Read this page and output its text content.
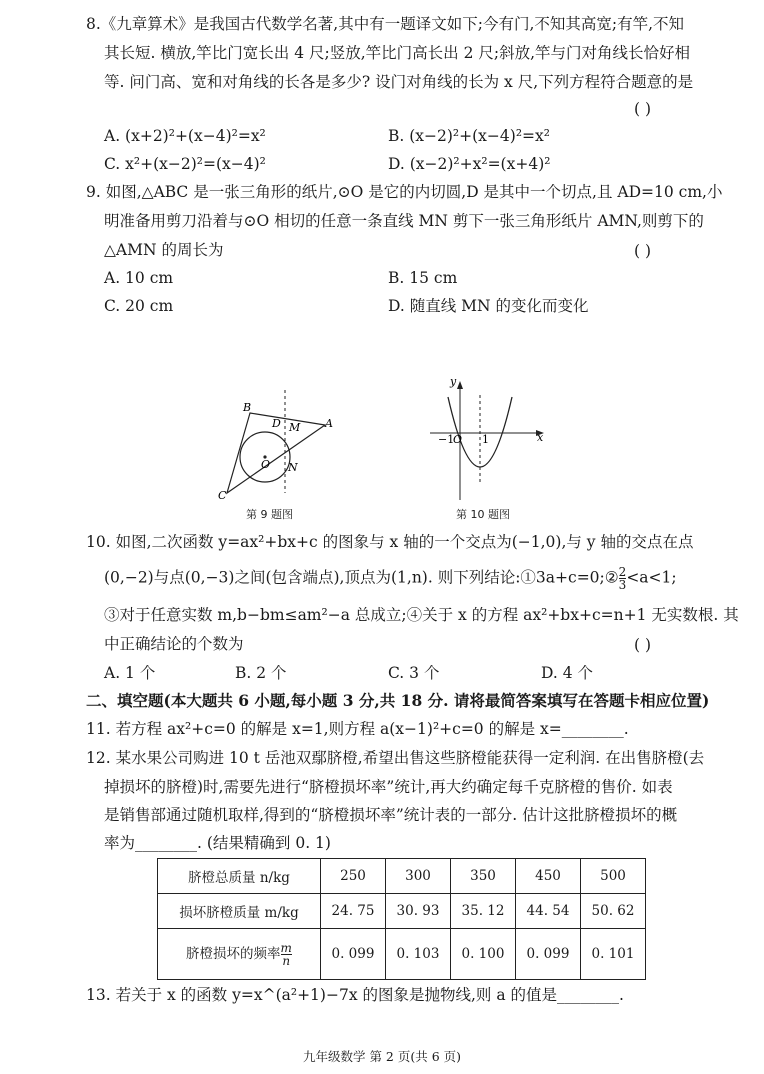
8.《九章算术》是我国古代数学名著,其中有一题译文如下;今有门,不知其高宽;有竿,不知
其长短. 横放,竿比门宽长出 4 尺;竖放,竿比门高长出 2 尺;斜放,竿与门对角线长恰好相
等. 问门高、宽和对角线的长各是多少? 设门对角线的长为 x 尺,下列方程符合题意的是
( )
A. (x+2)²+(x−4)²=x²	B. (x−2)²+(x−4)²=x²
C. x²+(x−2)²=(x−4)²	D. (x−2)²+x²=(x+4)²
9. 如图,△ABC 是一张三角形的纸片,⊙O 是它的内切圆,D 是其中一个切点,且 AD=10 cm,小
明准备用剪刀沿着与⊙O 相切的任意一条直线 MN 剪下一张三角形纸片 AMN,则剪下的
△AMN 的周长为	( )
A. 10 cm	B. 15 cm
C. 20 cm	D. 随直线 MN 的变化而变化
B
D M
O
A
N
C
第 9 题图
y
x
−1
O 1
第 10 题图
10. 如图,二次函数 y=ax²+bx+c 的图象与 x 轴的一个交点为(−1,0),与 y 轴的交点在点
(0,−2)与点(0,−3)之间(包含端点),顶点为(1,n). 则下列结论:①3a+c=0;② $\frac{2}{3} <a<1$;
③对于任意实数 m,b−bm≤am²−a 总成立;④关于 x 的方程 ax²+bx+c=n+1 无实数根. 其
中正确结论的个数为	( )
A. 1 个	B. 2 个	C. 3 个	D. 4 个
二、填空题(本大题共 6 小题,每小题 3 分,共 18 分. 请将最简答案填写在答题卡相应位置)
11. 若方程 ax²+c=0 的解是 x=1,则方程 a(x−1)²+c=0 的解是 x=________.
12. 某水果公司购进 10 t 岳池双鄢脐橙,希望出售这些脐橙能获得一定利润. 在出售脐橙(去
掉损坏的脐橙)时,需要先进行“脐橙损坏率”统计,再大约确定每千克脐橙的售价. 如表
是销售部通过随机取样,得到的“脐橙损坏率”统计表的一部分. 估计这批脐橙损坏的概
率为________. (结果精确到 0. 1)
脐橙总质量 n/kg	250	300	350	450	500
损坏脐橙质量 m/kg	24. 75	30. 93	35. 12	44. 54	50. 62
脐橙损坏的频率 $\frac{m}{n}$	0. 099	0. 103	0. 100	0. 099	0. 101
13. 若关于 x 的函数 y=x^(a²+1)−7x 的图象是抛物线,则 a 的值是________.
九年级数学 第 2 页(共 6 页)
